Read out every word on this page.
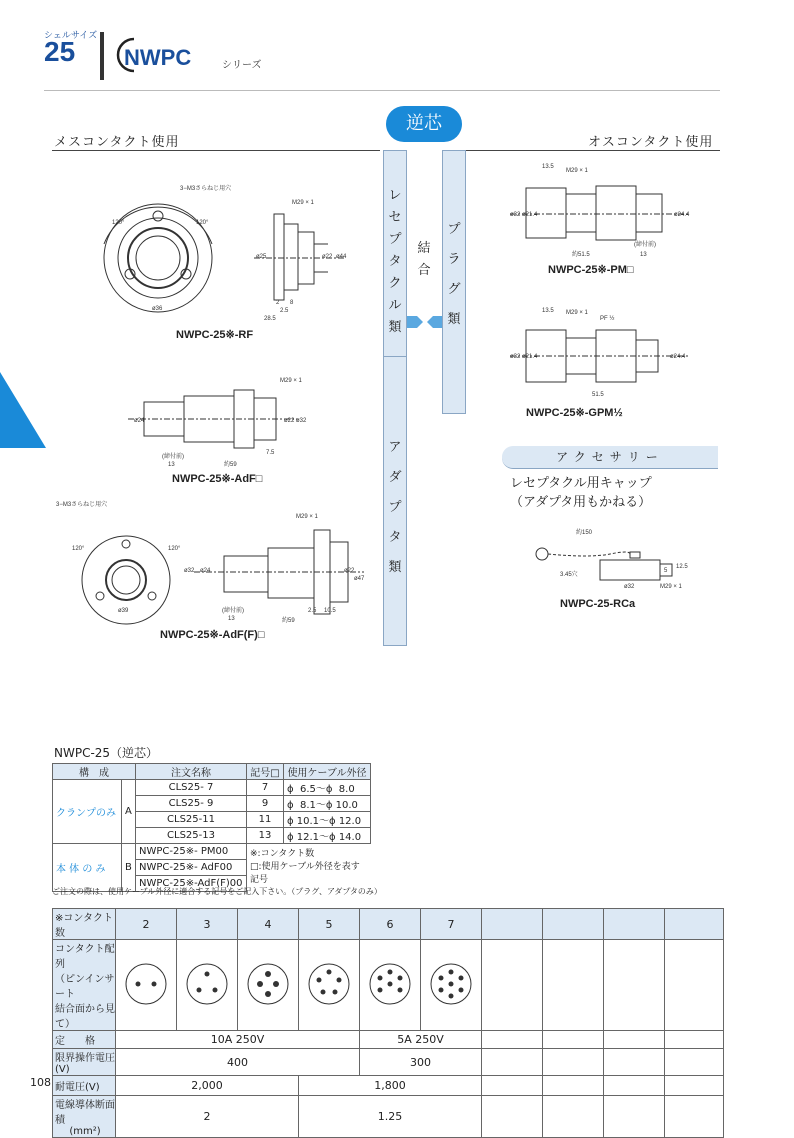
シェルサイズ
25 NWPC	シリーズ
逆芯
メスコンタクト使用	オスコンタクト使用
レ
セ
プ
タ
ク
ル
類
ア
ダ
プ
タ
類
結合
プ
ラ
グ
類
3−M3さらねじ用穴
M29 × 1
ø36
ø25	ø22 ø44
28.5
2 8
2.5
120°	120°
NWPC-25※-RF
M29 × 1
ø24	ø22 ø32
約59
13
7.5
(締付前)
NWPC-25※-AdF□
3−M3さらねじ用穴
M29 × 1
ø39
ø32 ø24	ø22
ø47
約59
13
2.5 10.5
(締付前)
120°	120°
NWPC-25※-AdF(F)□
13.5
M29 × 1
ø32 ø21.4	ø24.4
約51.5	13
(締付前)
NWPC-25※-PM□
13.5 M29 × 1
PF ½
ø32 ø21.4	ø24.4
51.5
NWPC-25※-GPM½
アクセサリー
レセプタクル用キャップ
（アダプタ用もかねる）
約150
3.45穴
ø32	M29 × 1
5
12.5
NWPC-25-RCa
NWPC-25（逆芯）
構　成		注文名称	記号□	使用ケーブル外径
クランプのみ	A	CLS25- 7	7	ϕ  6.5〜ϕ  8.0
		CLS25- 9	9	ϕ  8.1〜ϕ 10.0
		CLS25-11	11	ϕ 10.1〜ϕ 12.0
		CLS25-13	13	ϕ 12.1〜ϕ 14.0
本 体 の み	B	NWPC-25※- PM00	※:コンタクト数
□:使用ケーブル外径を表す記号	

		NWPC-25※- AdF00		
		NWPC-25※-AdF(F)00		
ご注文の際は、使用ケーブル外径に適合する記号をご記入下さい。（プラグ、アダプタのみ）
※コンタクト数	2	3	4	5	6	7				

コンタクト配列
（ピンインサート
結合面から見て）

定　　格	10A 250V				5A 250V					
限界操作電圧(V)	400				300					
耐電圧(V)	2,000			1,800						

電線導体断面積
(mm²)	2			1.25						
108
